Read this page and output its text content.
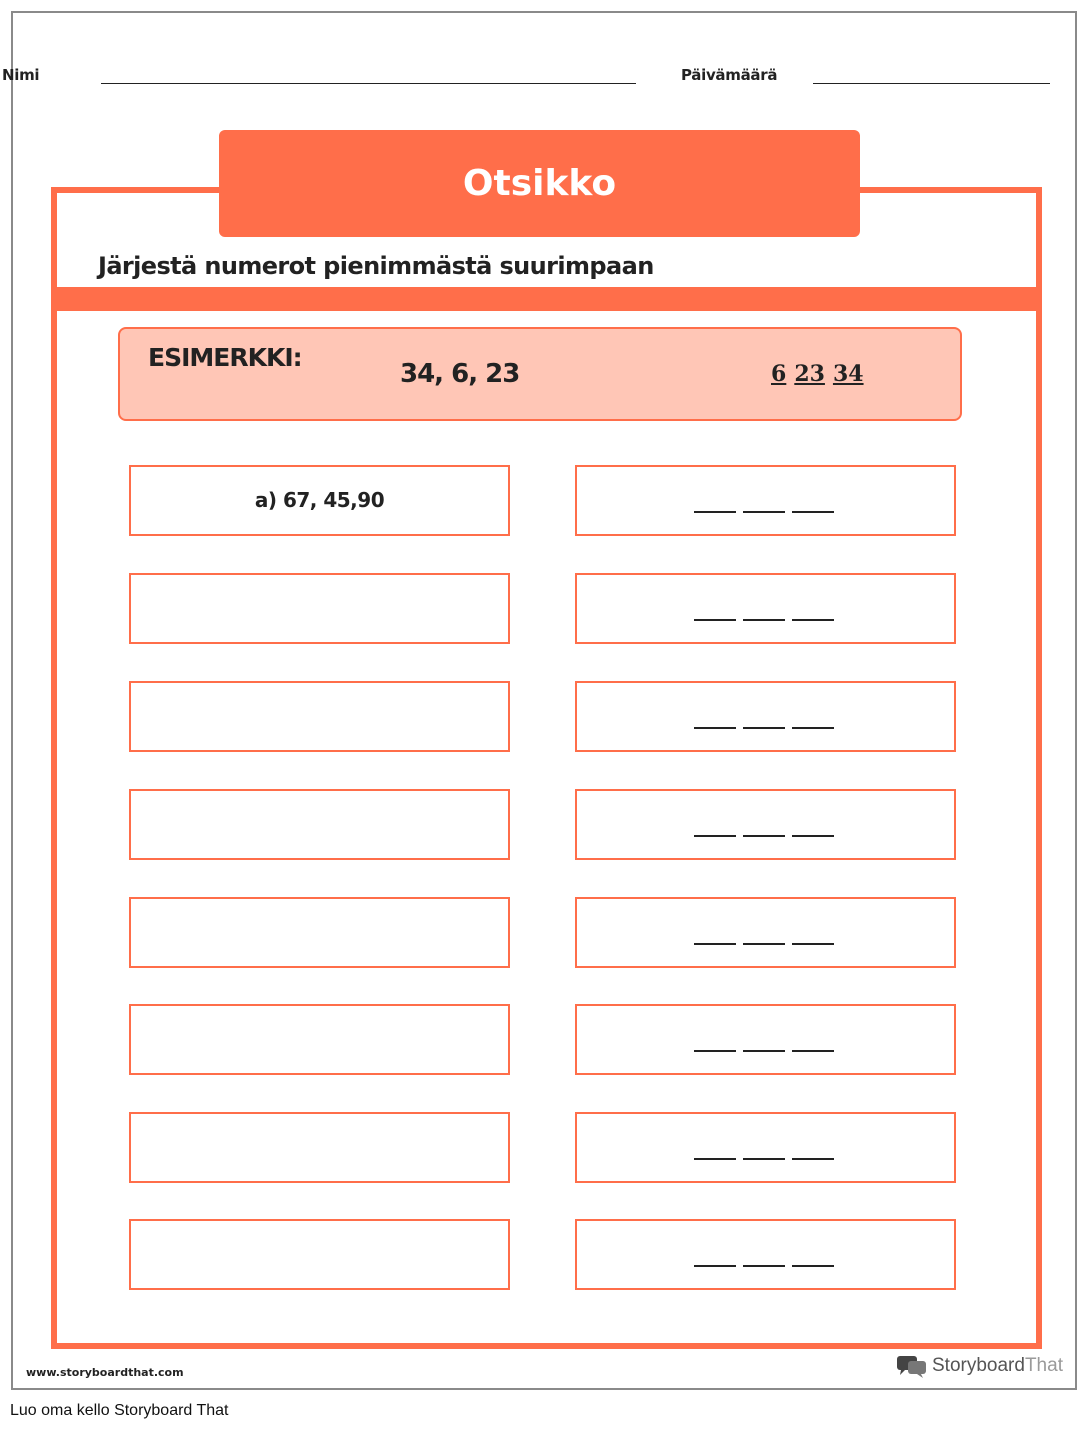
Nimi	Päivämäärä
Otsikko
Järjestä numerot pienimmästä suurimpaan
ESIMERKKI:
34, 6, 23	6 23 34
a) 67, 45,90
www.storyboardthat.com	StoryboardThat
Luo oma kello Storyboard That
